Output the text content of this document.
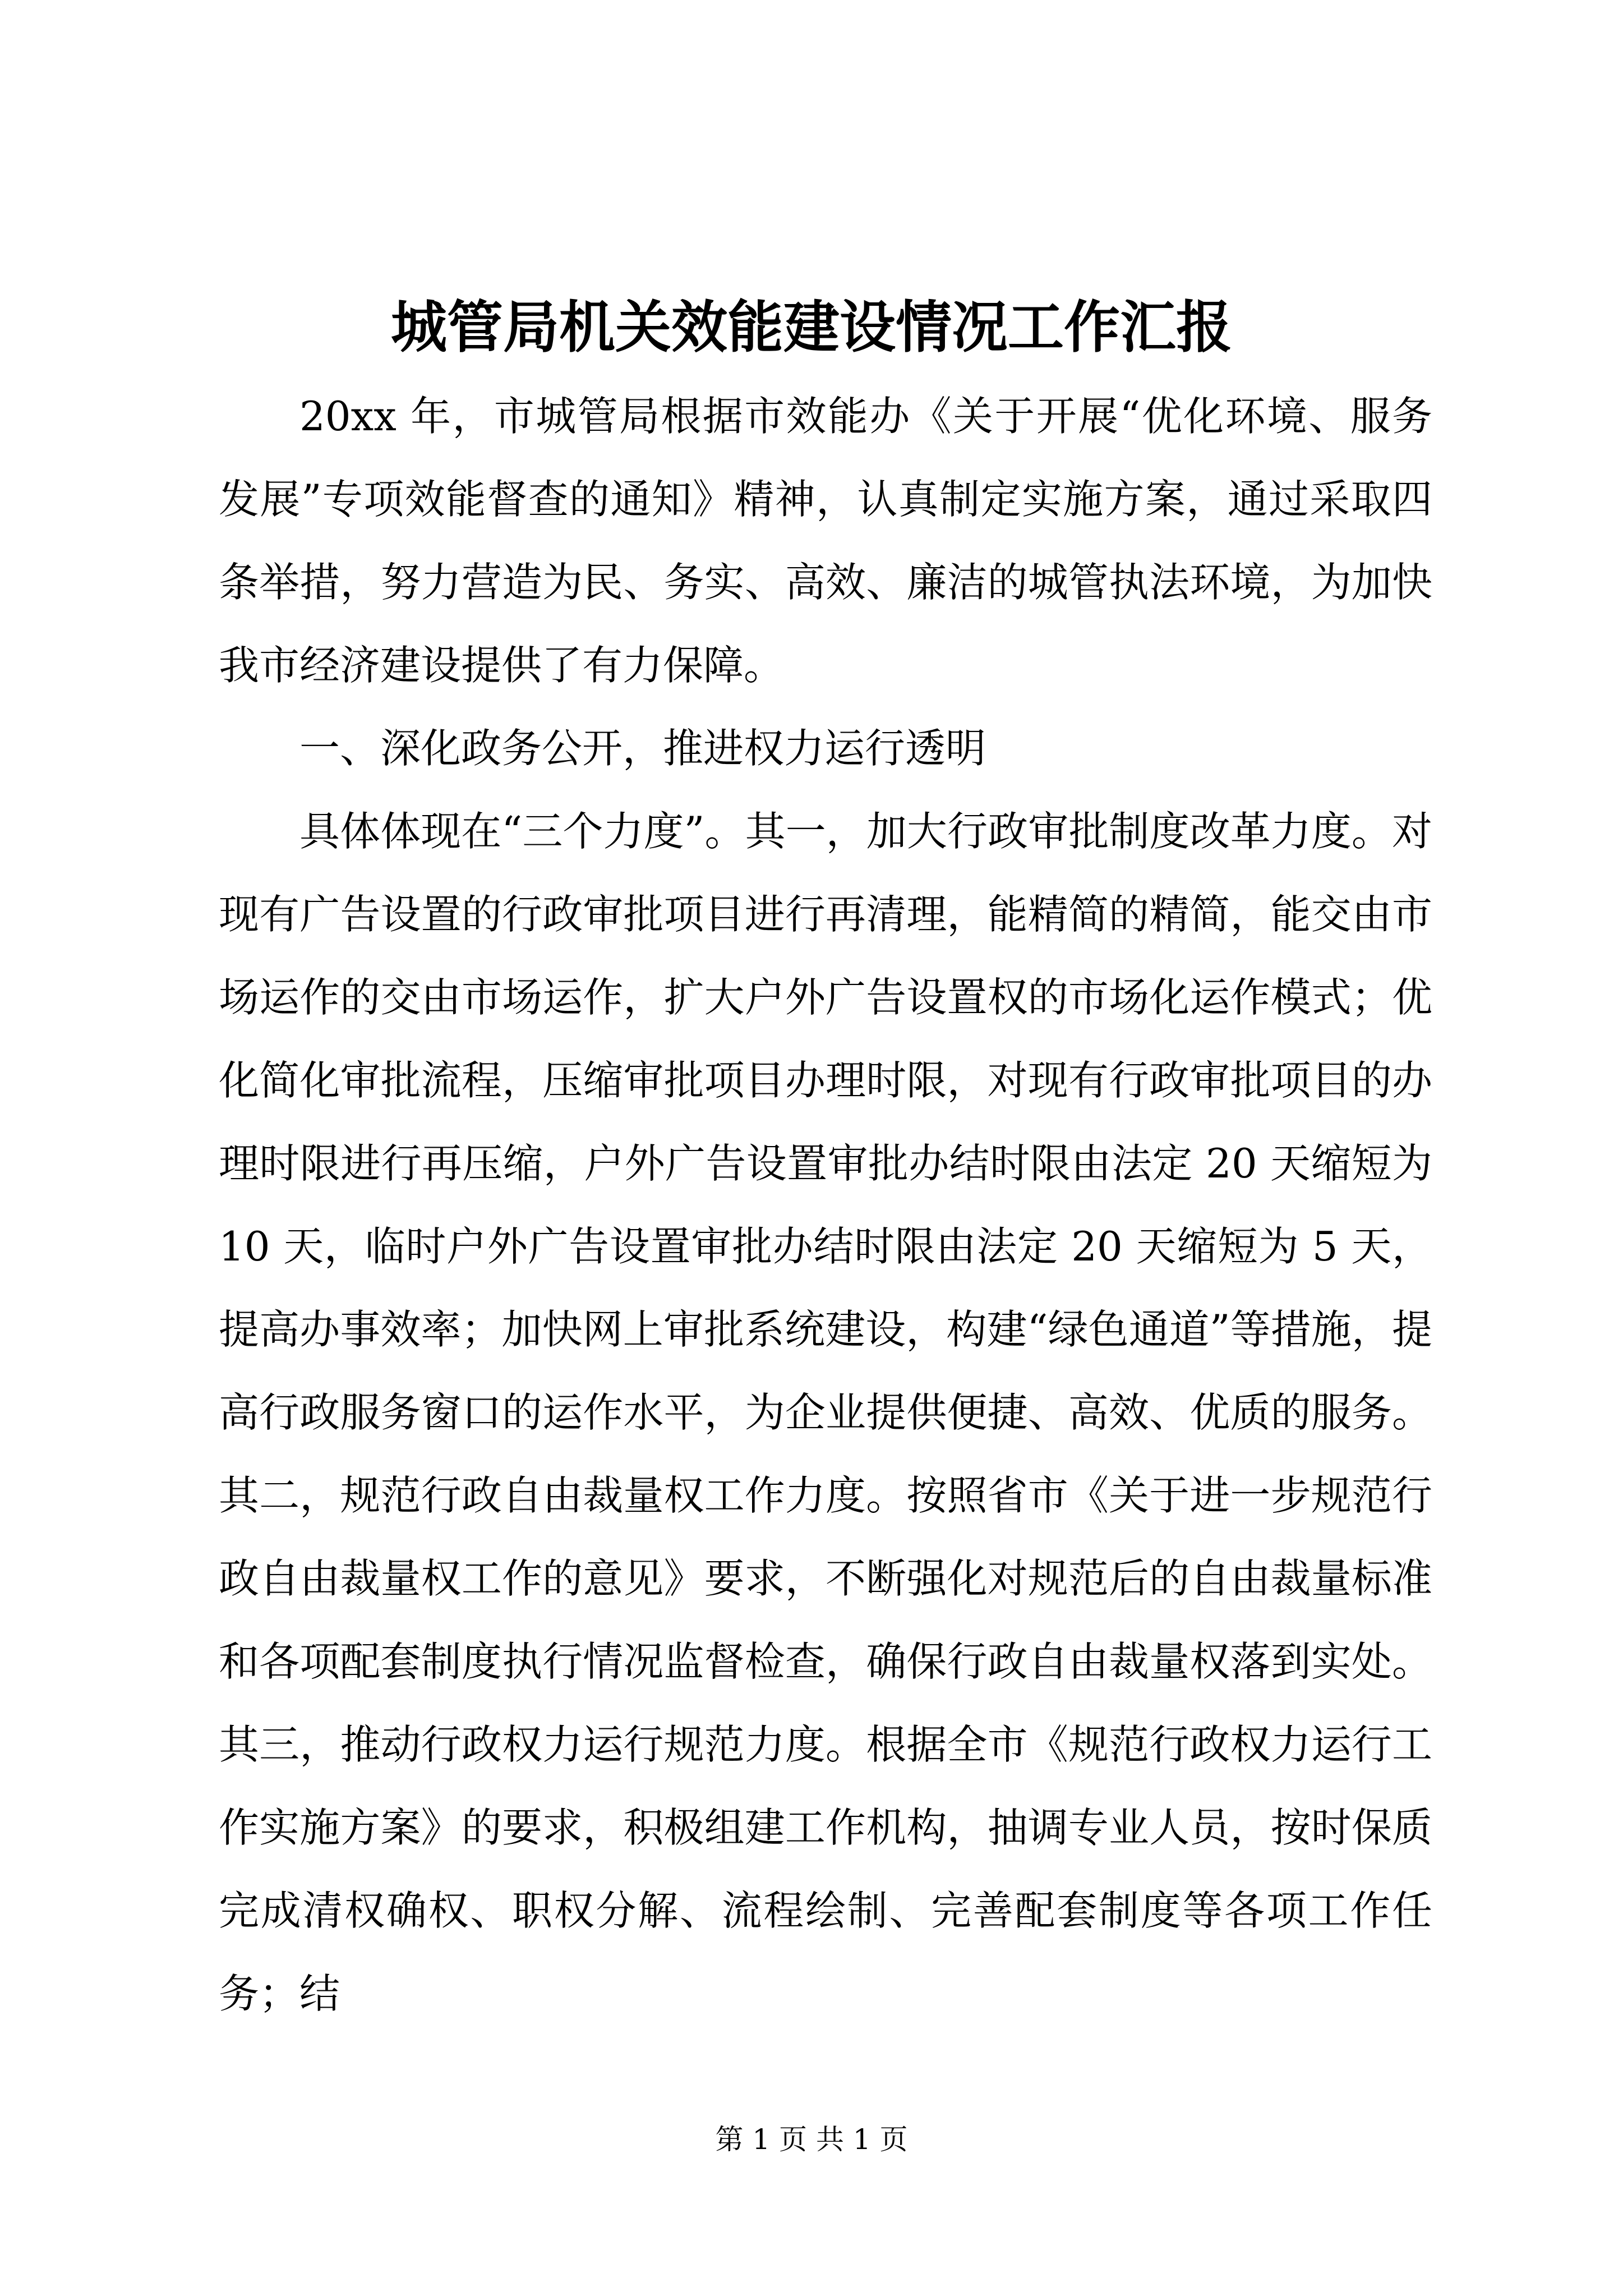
城管局机关效能建设情况工作汇报

20xx 年，市城管局根据市效能办《关于开展“优化环境、服务发展”专项效能督查的通知》精神，认真制定实施方案，通过采取四条举措，努力营造为民、务实、高效、廉洁的城管执法环境，为加快我市经济建设提供了有力保障。

一、深化政务公开，推进权力运行透明

具体体现在“三个力度”。其一，加大行政审批制度改革力度。对现有广告设置的行政审批项目进行再清理，能精简的精简，能交由市场运作的交由市场运作，扩大户外广告设置权的市场化运作模式；优化简化审批流程，压缩审批项目办理时限，对现有行政审批项目的办理时限进行再压缩，户外广告设置审批办结时限由法定 20 天缩短为 10 天，临时户外广告设置审批办结时限由法定 20 天缩短为 5 天，提高办事效率；加快网上审批系统建设，构建“绿色通道”等措施，提高行政服务窗口的运作水平，为企业提供便捷、高效、优质的服务。其二，规范行政自由裁量权工作力度。按照省市《关于进一步规范行政自由裁量权工作的意见》要求，不断强化对规范后的自由裁量标准和各项配套制度执行情况监督检查，确保行政自由裁量权落到实处。其三，推动行政权力运行规范力度。根据全市《规范行政权力运行工作实施方案》的要求，积极组建工作机构，抽调专业人员，按时保质完成清权确权、职权分解、流程绘制、完善配套制度等各项工作任务；结

第 1 页 共 1 页
